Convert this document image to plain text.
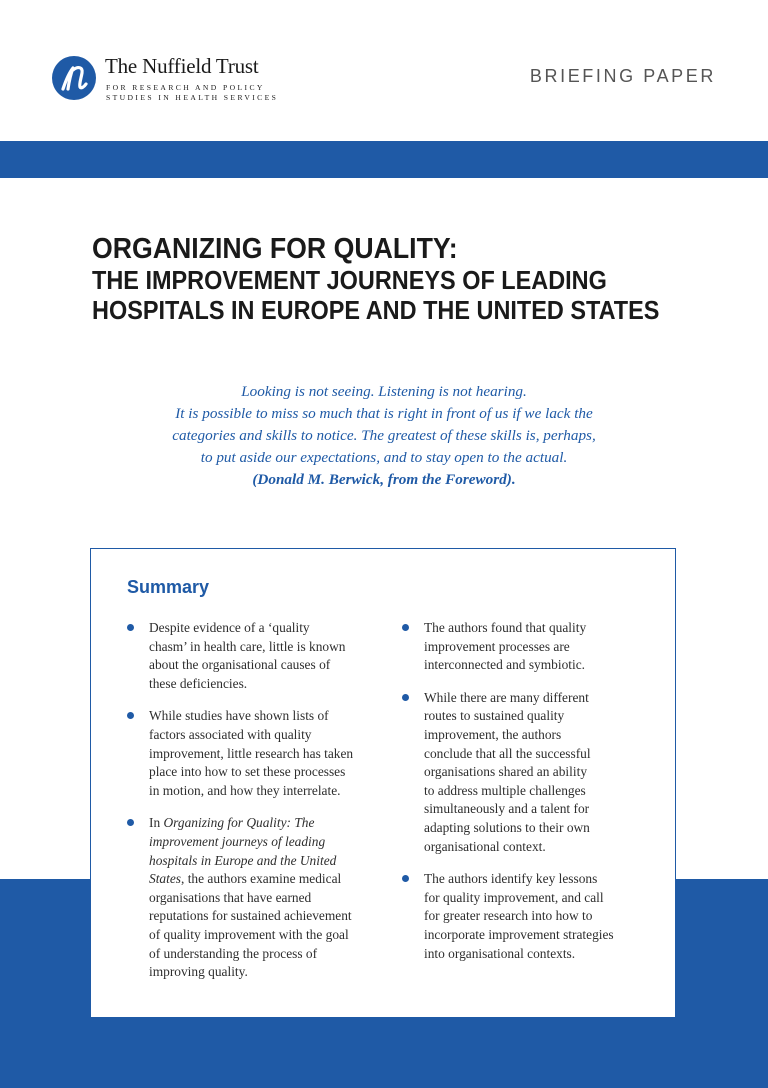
The Nuffield Trust
FOR RESEARCH AND POLICY
STUDIES IN HEALTH SERVICES
BRIEFING PAPER
ORGANIZING FOR QUALITY:
THE IMPROVEMENT JOURNEYS OF LEADING
HOSPITALS IN EUROPE AND THE UNITED STATES
Looking is not seeing. Listening is not hearing.
It is possible to miss so much that is right in front of us if we lack the
categories and skills to notice. The greatest of these skills is, perhaps,
to put aside our expectations, and to stay open to the actual.
(Donald M. Berwick, from the Foreword).
Summary
Despite evidence of a ‘quality
chasm’ in health care, little is known
about the organisational causes of
these deficiencies.
While studies have shown lists of
factors associated with quality
improvement, little research has taken
place into how to set these processes
in motion, and how they interrelate.
In Organizing for Quality: The
improvement journeys of leading
hospitals in Europe and the United
States, the authors examine medical
organisations that have earned
reputations for sustained achievement
of quality improvement with the goal
of understanding the process of
improving quality.
The authors found that quality
improvement processes are
interconnected and symbiotic.
While there are many different
routes to sustained quality
improvement, the authors
conclude that all the successful
organisations shared an ability
to address multiple challenges
simultaneously and a talent for
adapting solutions to their own
organisational context.
The authors identify key lessons
for quality improvement, and call
for greater research into how to
incorporate improvement strategies
into organisational contexts.
